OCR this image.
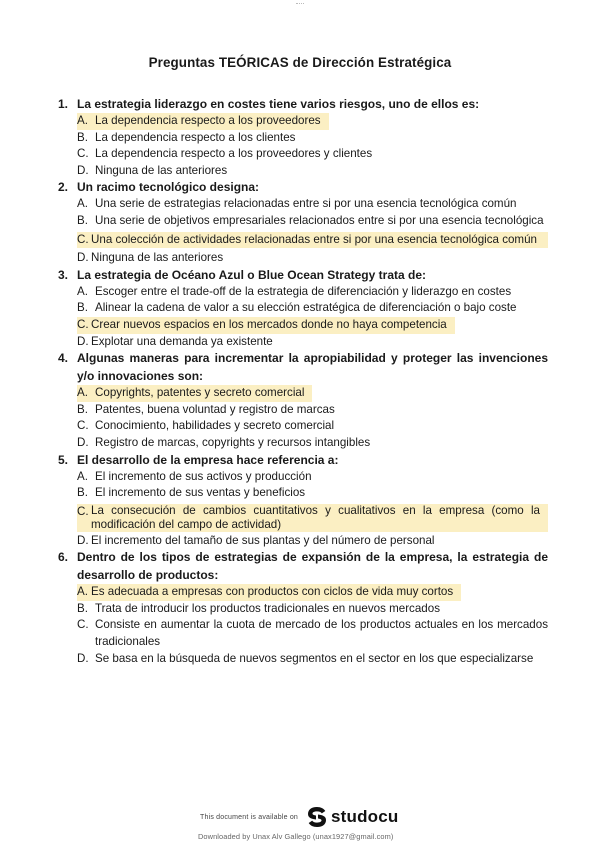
Preguntas TEÓRICAS de Dirección Estratégica
1. La estrategia liderazgo en costes tiene varios riesgos, uno de ellos es:
A. La dependencia respecto a los proveedores
B. La dependencia respecto a los clientes
C. La dependencia respecto a los proveedores y clientes
D. Ninguna de las anteriores
2. Un racimo tecnológico designa:
A. Una serie de estrategias relacionadas entre si por una esencia tecnológica común
B. Una serie de objetivos empresariales relacionados entre si por una esencia tecnológica
C. Una colección de actividades relacionadas entre si por una esencia tecnológica común
D. Ninguna de las anteriores
3. La estrategia de Océano Azul o Blue Ocean Strategy trata de:
A. Escoger entre el trade-off de la estrategia de diferenciación y liderazgo en costes
B. Alinear la cadena de valor a su elección estratégica de diferenciación o bajo coste
C. Crear nuevos espacios en los mercados donde no haya competencia
D. Explotar una demanda ya existente
4. Algunas maneras para incrementar la apropiabilidad y proteger las invenciones y/o innovaciones son:
A. Copyrights, patentes y secreto comercial
B. Patentes, buena voluntad y registro de marcas
C. Conocimiento, habilidades y secreto comercial
D. Registro de marcas, copyrights y recursos intangibles
5. El desarrollo de la empresa hace referencia a:
A. El incremento de sus activos y producción
B. El incremento de sus ventas y beneficios
C. La consecución de cambios cuantitativos y cualitativos en la empresa (como la modificación del campo de actividad)
D. El incremento del tamaño de sus plantas y del número de personal
6. Dentro de los tipos de estrategias de expansión de la empresa, la estrategia de desarrollo de productos:
A. Es adecuada a empresas con productos con ciclos de vida muy cortos
B. Trata de introducir los productos tradicionales en nuevos mercados
C. Consiste en aumentar la cuota de mercado de los productos actuales en los mercados tradicionales
D. Se basa en la búsqueda de nuevos segmentos en el sector en los que especializarse
This document is available on studocu
Downloaded by Unax Alv Gallego (unax1927@gmail.com)
